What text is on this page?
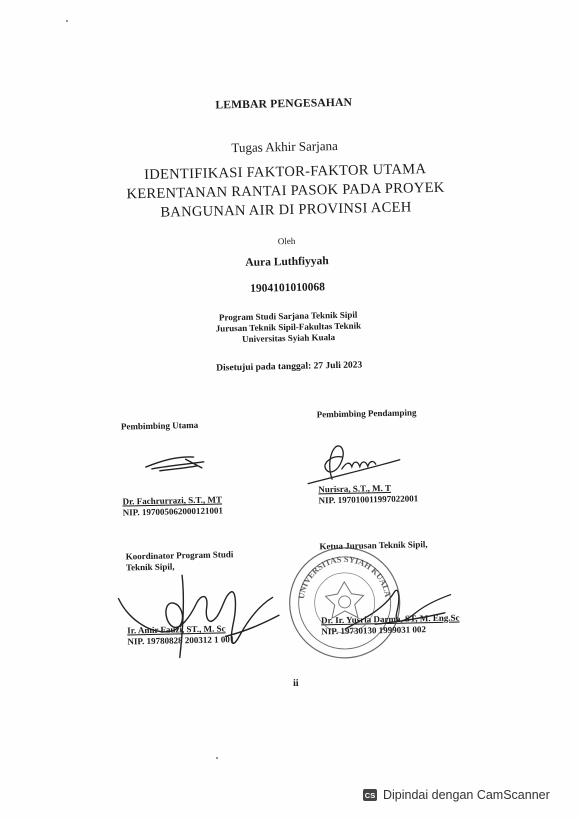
LEMBAR PENGESAHAN
Tugas Akhir Sarjana
IDENTIFIKASI FAKTOR-FAKTOR UTAMA
KERENTANAN RANTAI PASOK PADA PROYEK
BANGUNAN AIR DI PROVINSI ACEH
Oleh
Aura Luthfiyyah
1904101010068
Program Studi Sarjana Teknik Sipil
Jurusan Teknik Sipil-Fakultas Teknik
Universitas Syiah Kuala
Disetujui pada tanggal: 27 Juli 2023
Pembimbing Utama
Dr. Fachrurrazi, S.T., MT
NIP. 197005062000121001
Pembimbing Pendamping
Nurisra, S.T., M. T
NIP. 197010011997022001
Koordinator Program Studi
Teknik Sipil,
Ir. Amir Fauzi, ST., M. Sc
NIP. 19780828 200312 1 001
Ketua Jurusan Teknik Sipil,
Dr. Ir. Yusria Darma, ST, M. Eng.Sc
NIP. 19730130 1999031 002
UNIVERSITAS SYIAH KUALA
ii
CS Dipindai dengan CamScanner
